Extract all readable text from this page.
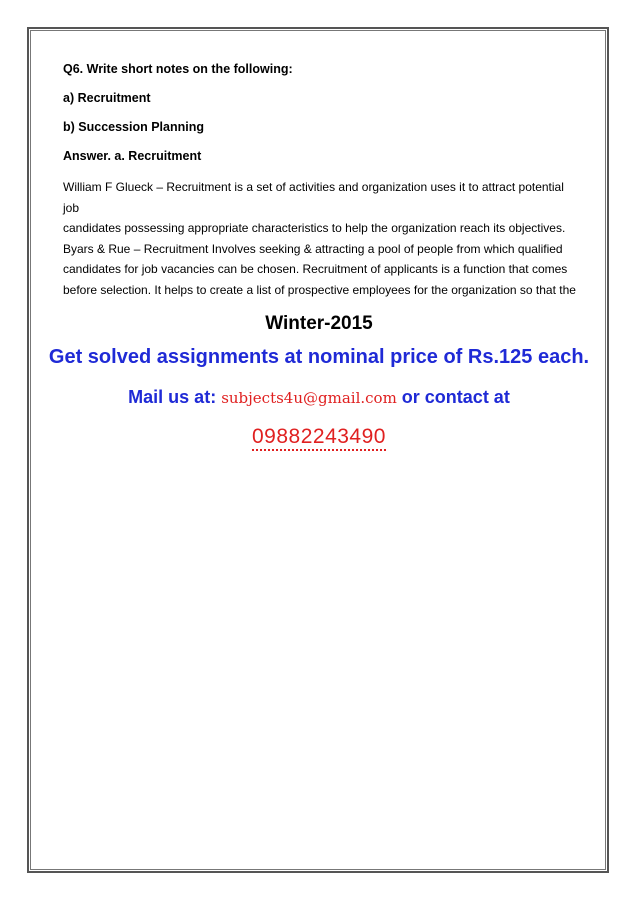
Q6. Write short notes on the following:
a) Recruitment
b) Succession Planning
Answer. a. Recruitment

William F Glueck – Recruitment is a set of activities and organization uses it to attract potential job

candidates possessing appropriate characteristics to help the organization reach its objectives.

Byars & Rue – Recruitment Involves seeking & attracting a pool of people from which qualified

candidates for job vacancies can be chosen. Recruitment of applicants is a function that comes

before selection. It helps to create a list of prospective employees for the organization so that the

Winter-2015
Get solved assignments at nominal price of Rs.125 each.
Mail us at: subjects4u@gmail.com or contact at
09882243490
